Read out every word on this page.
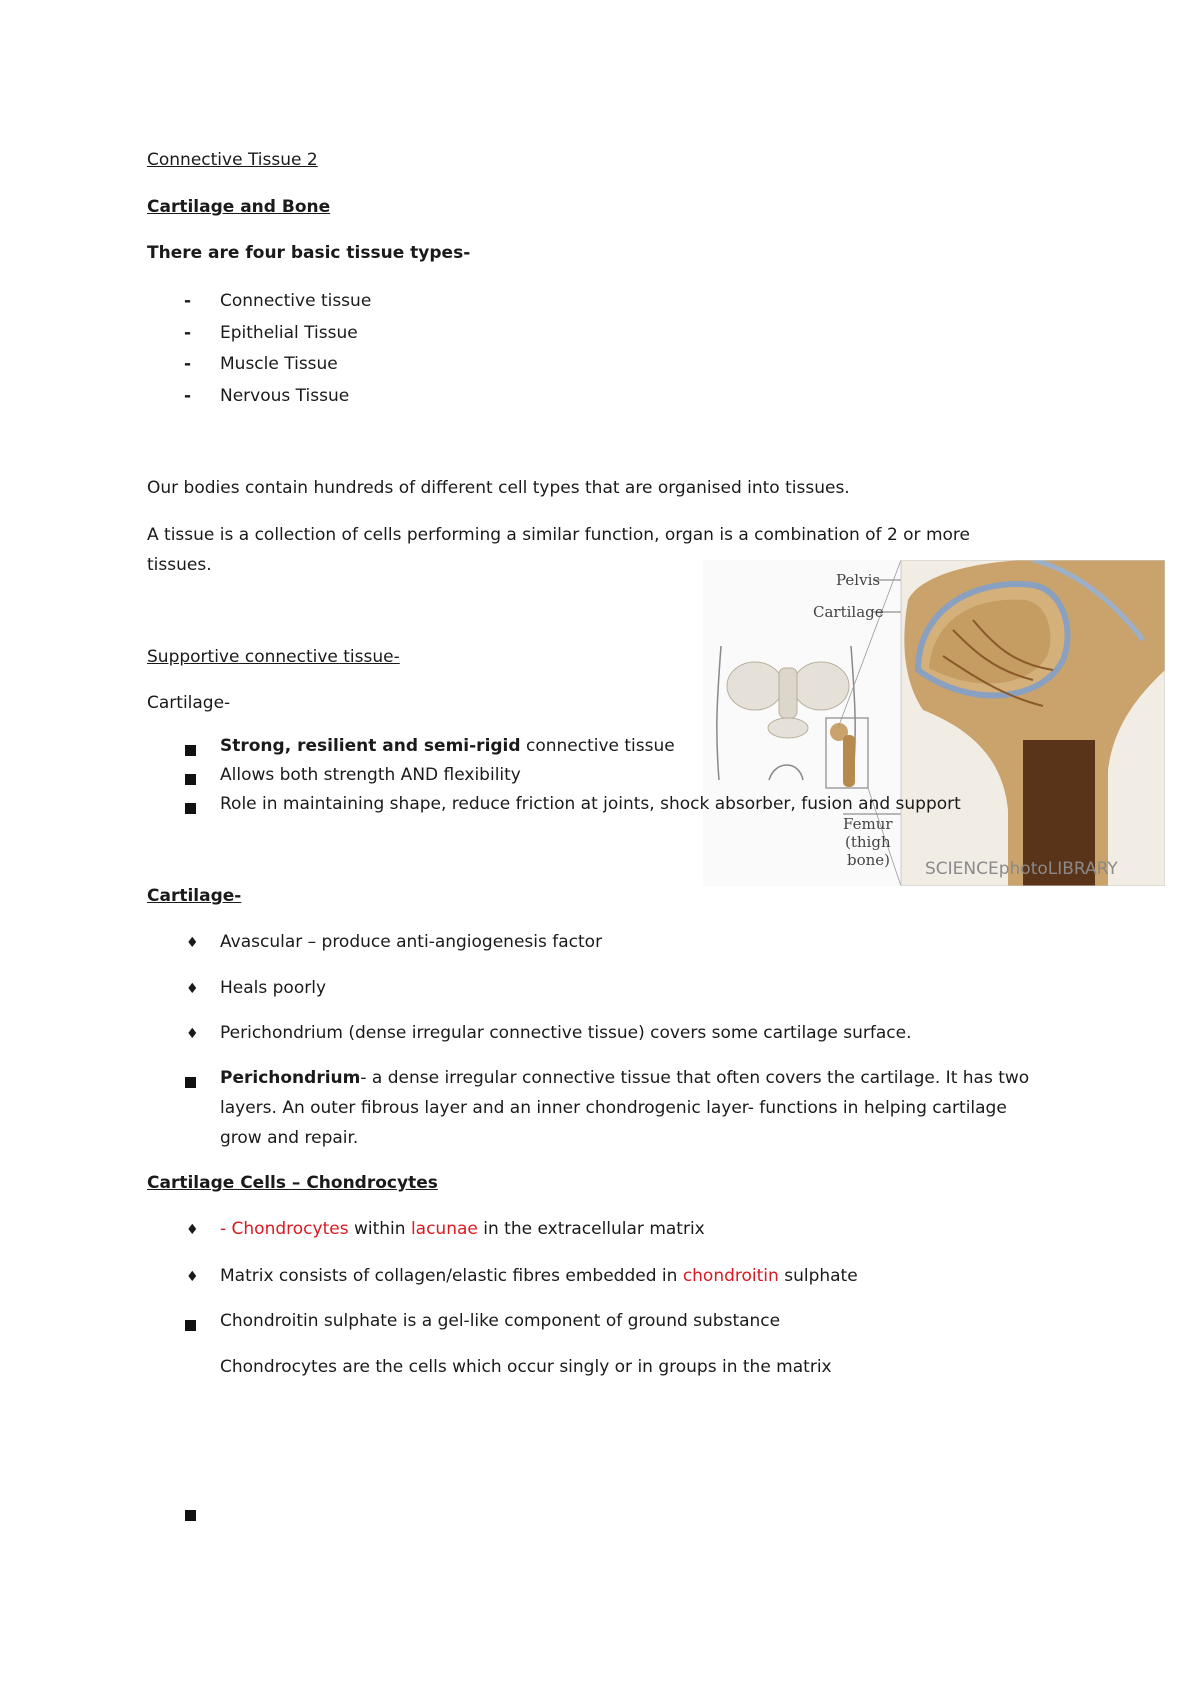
Connective Tissue 2
Cartilage and Bone
There are four basic tissue types-
- Connective tissue
- Epithelial Tissue
- Muscle Tissue
- Nervous Tissue
Our bodies contain hundreds of different cell types that are organised into tissues.
A tissue is a collection of cells performing a similar function, organ is a combination of 2 or more
tissues.
Pelvis
Cartilage
Femur
(thigh
bone) SCIENCEphotoLIBRARY
Supportive connective tissue-
Cartilage-
Strong, resilient and semi-rigid connective tissue
Allows both strength AND flexibility
Role in maintaining shape, reduce friction at joints, shock absorber, fusion and support
Cartilage-
♦ Avascular – produce anti-angiogenesis factor
♦ Heals poorly
♦ Perichondrium (dense irregular connective tissue) covers some cartilage surface.
Perichondrium- a dense irregular connective tissue that often covers the cartilage. It has two
layers. An outer fibrous layer and an inner chondrogenic layer- functions in helping cartilage
grow and repair.
Cartilage Cells – Chondrocytes
♦ - Chondrocytes within lacunae in the extracellular matrix
♦ Matrix consists of collagen/elastic fibres embedded in chondroitin sulphate
Chondroitin sulphate is a gel-like component of ground substance
Chondrocytes are the cells which occur singly or in groups in the matrix
